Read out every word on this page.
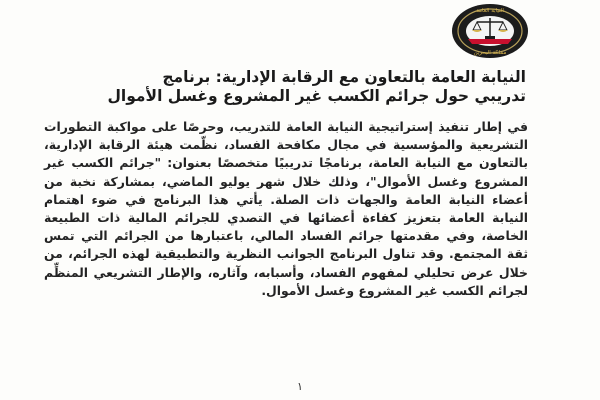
النيابة العامة
مملكة البحرين
النيابة العامة بالتعاون مع الرقابة الإدارية: برنامج
تدريبي حول جرائم الكسب غير المشروع وغسل الأموال

في إطار تنفيذ إستراتيجية النيابة العامة للتدريب، وحرصًا على مواكبة التطورات التشريعية والمؤسسية في مجال مكافحة الفساد، نظّمت هيئة الرقابة الإدارية، بالتعاون مع النيابة العامة، برنامجًا تدريبيًا متخصصًا بعنوان: "جرائم الكسب غير المشروع وغسل الأموال"، وذلك خلال شهر يوليو الماضي، بمشاركة نخبة من أعضاء النيابة العامة والجهات ذات الصلة. يأتي هذا البرنامج في ضوء اهتمام النيابة العامة بتعزيز كفاءة أعضائها في التصدي للجرائم المالية ذات الطبيعة الخاصة، وفي مقدمتها جرائم الفساد المالي، باعتبارها من الجرائم التي تمس ثقة المجتمع. وقد تناول البرنامج الجوانب النظرية والتطبيقية لهذه الجرائم، من خلال عرض تحليلي لمفهوم الفساد، وأسبابه، وآثاره، والإطار التشريعي المنظِّم لجرائم الكسب غير المشروع وغسل الأموال.

١
